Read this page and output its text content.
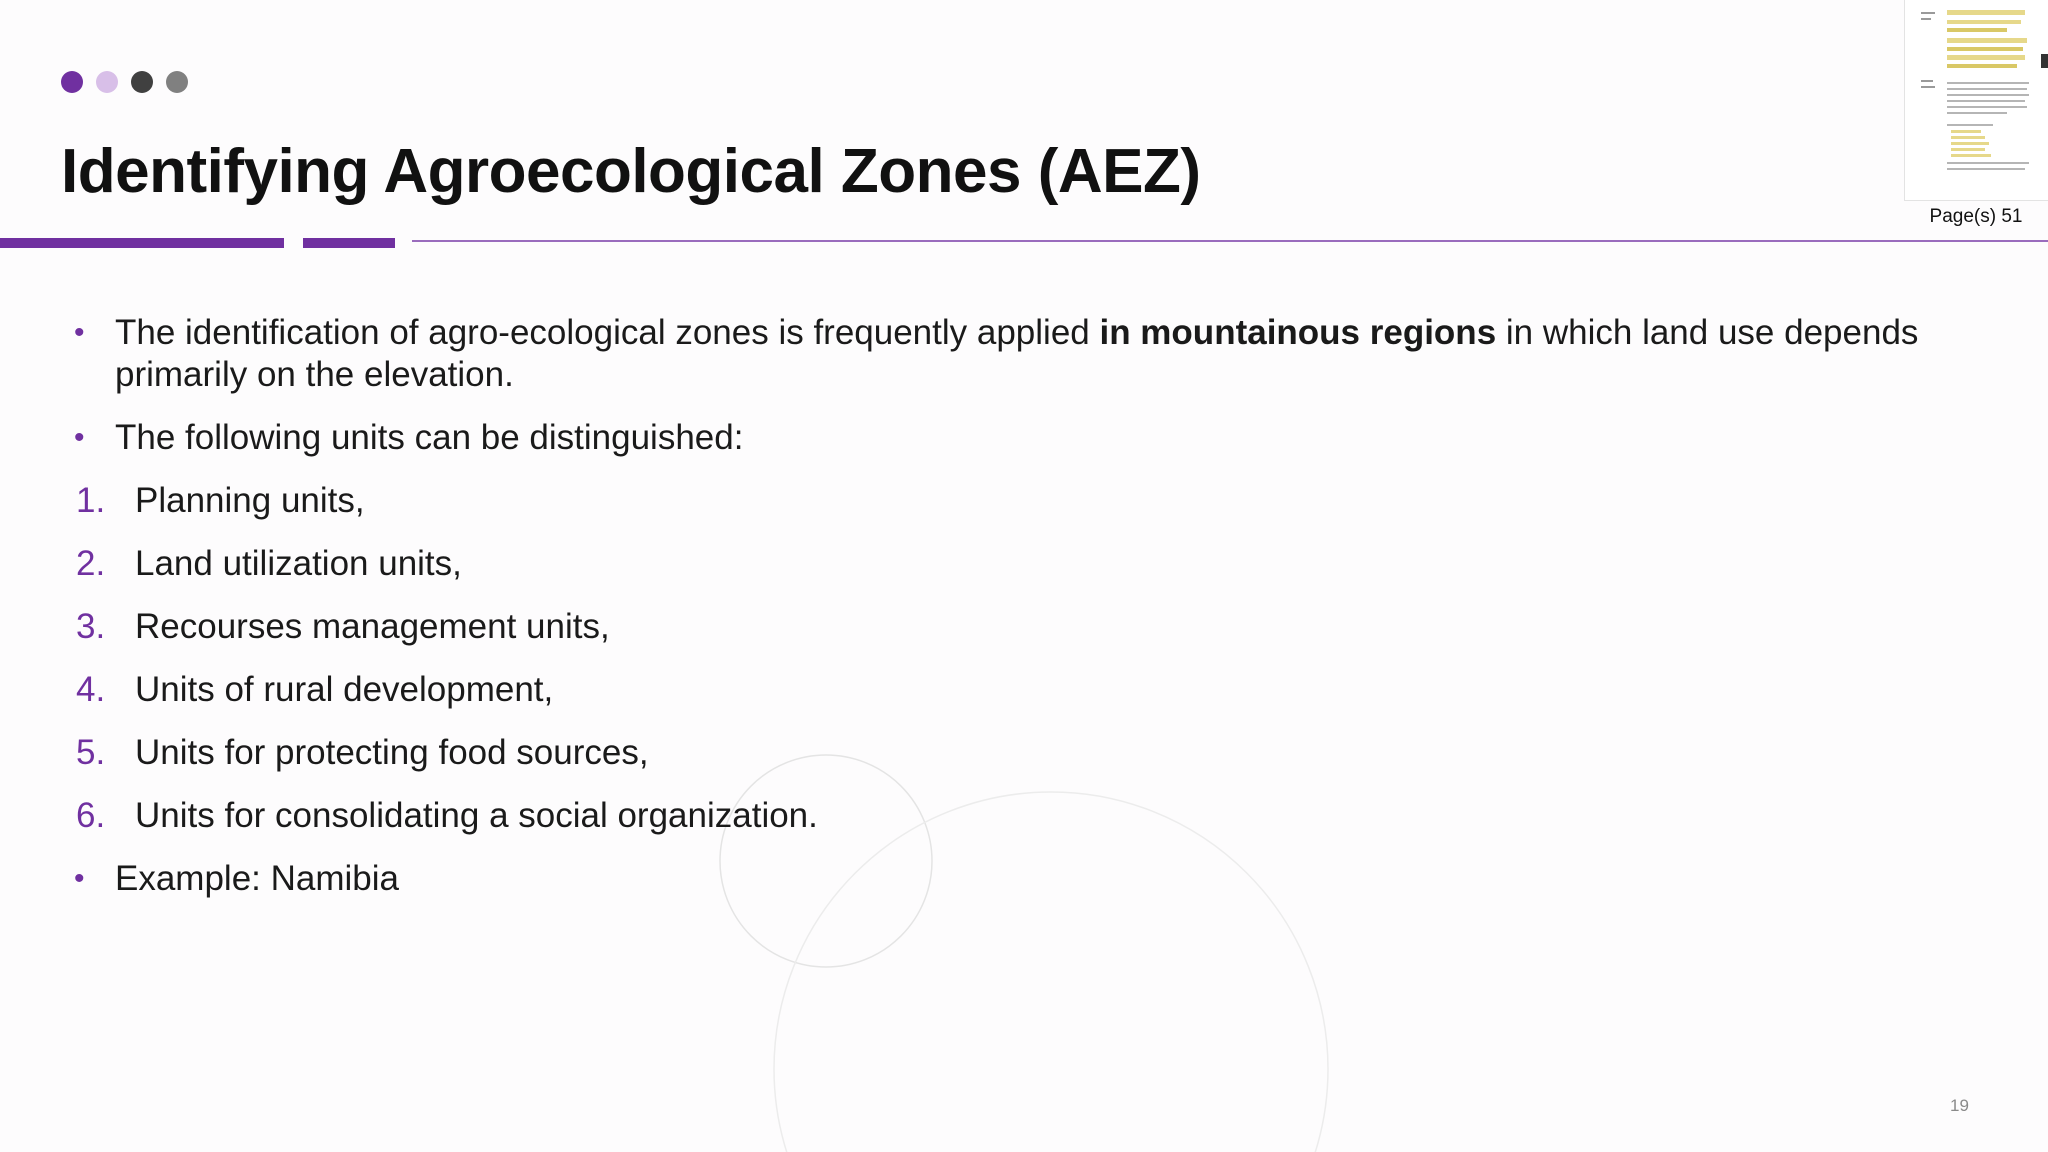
Identifying Agroecological Zones (AEZ)
Page(s) 51
• The identification of agro-ecological zones is frequently applied in mountainous regions in which land use depends primarily on the elevation.
• The following units can be distinguished:
1. Planning units,
2. Land utilization units,
3. Recourses management units,
4. Units of rural development,
5. Units for protecting food sources,
6. Units for consolidating a social organization.
• Example: Namibia
19
